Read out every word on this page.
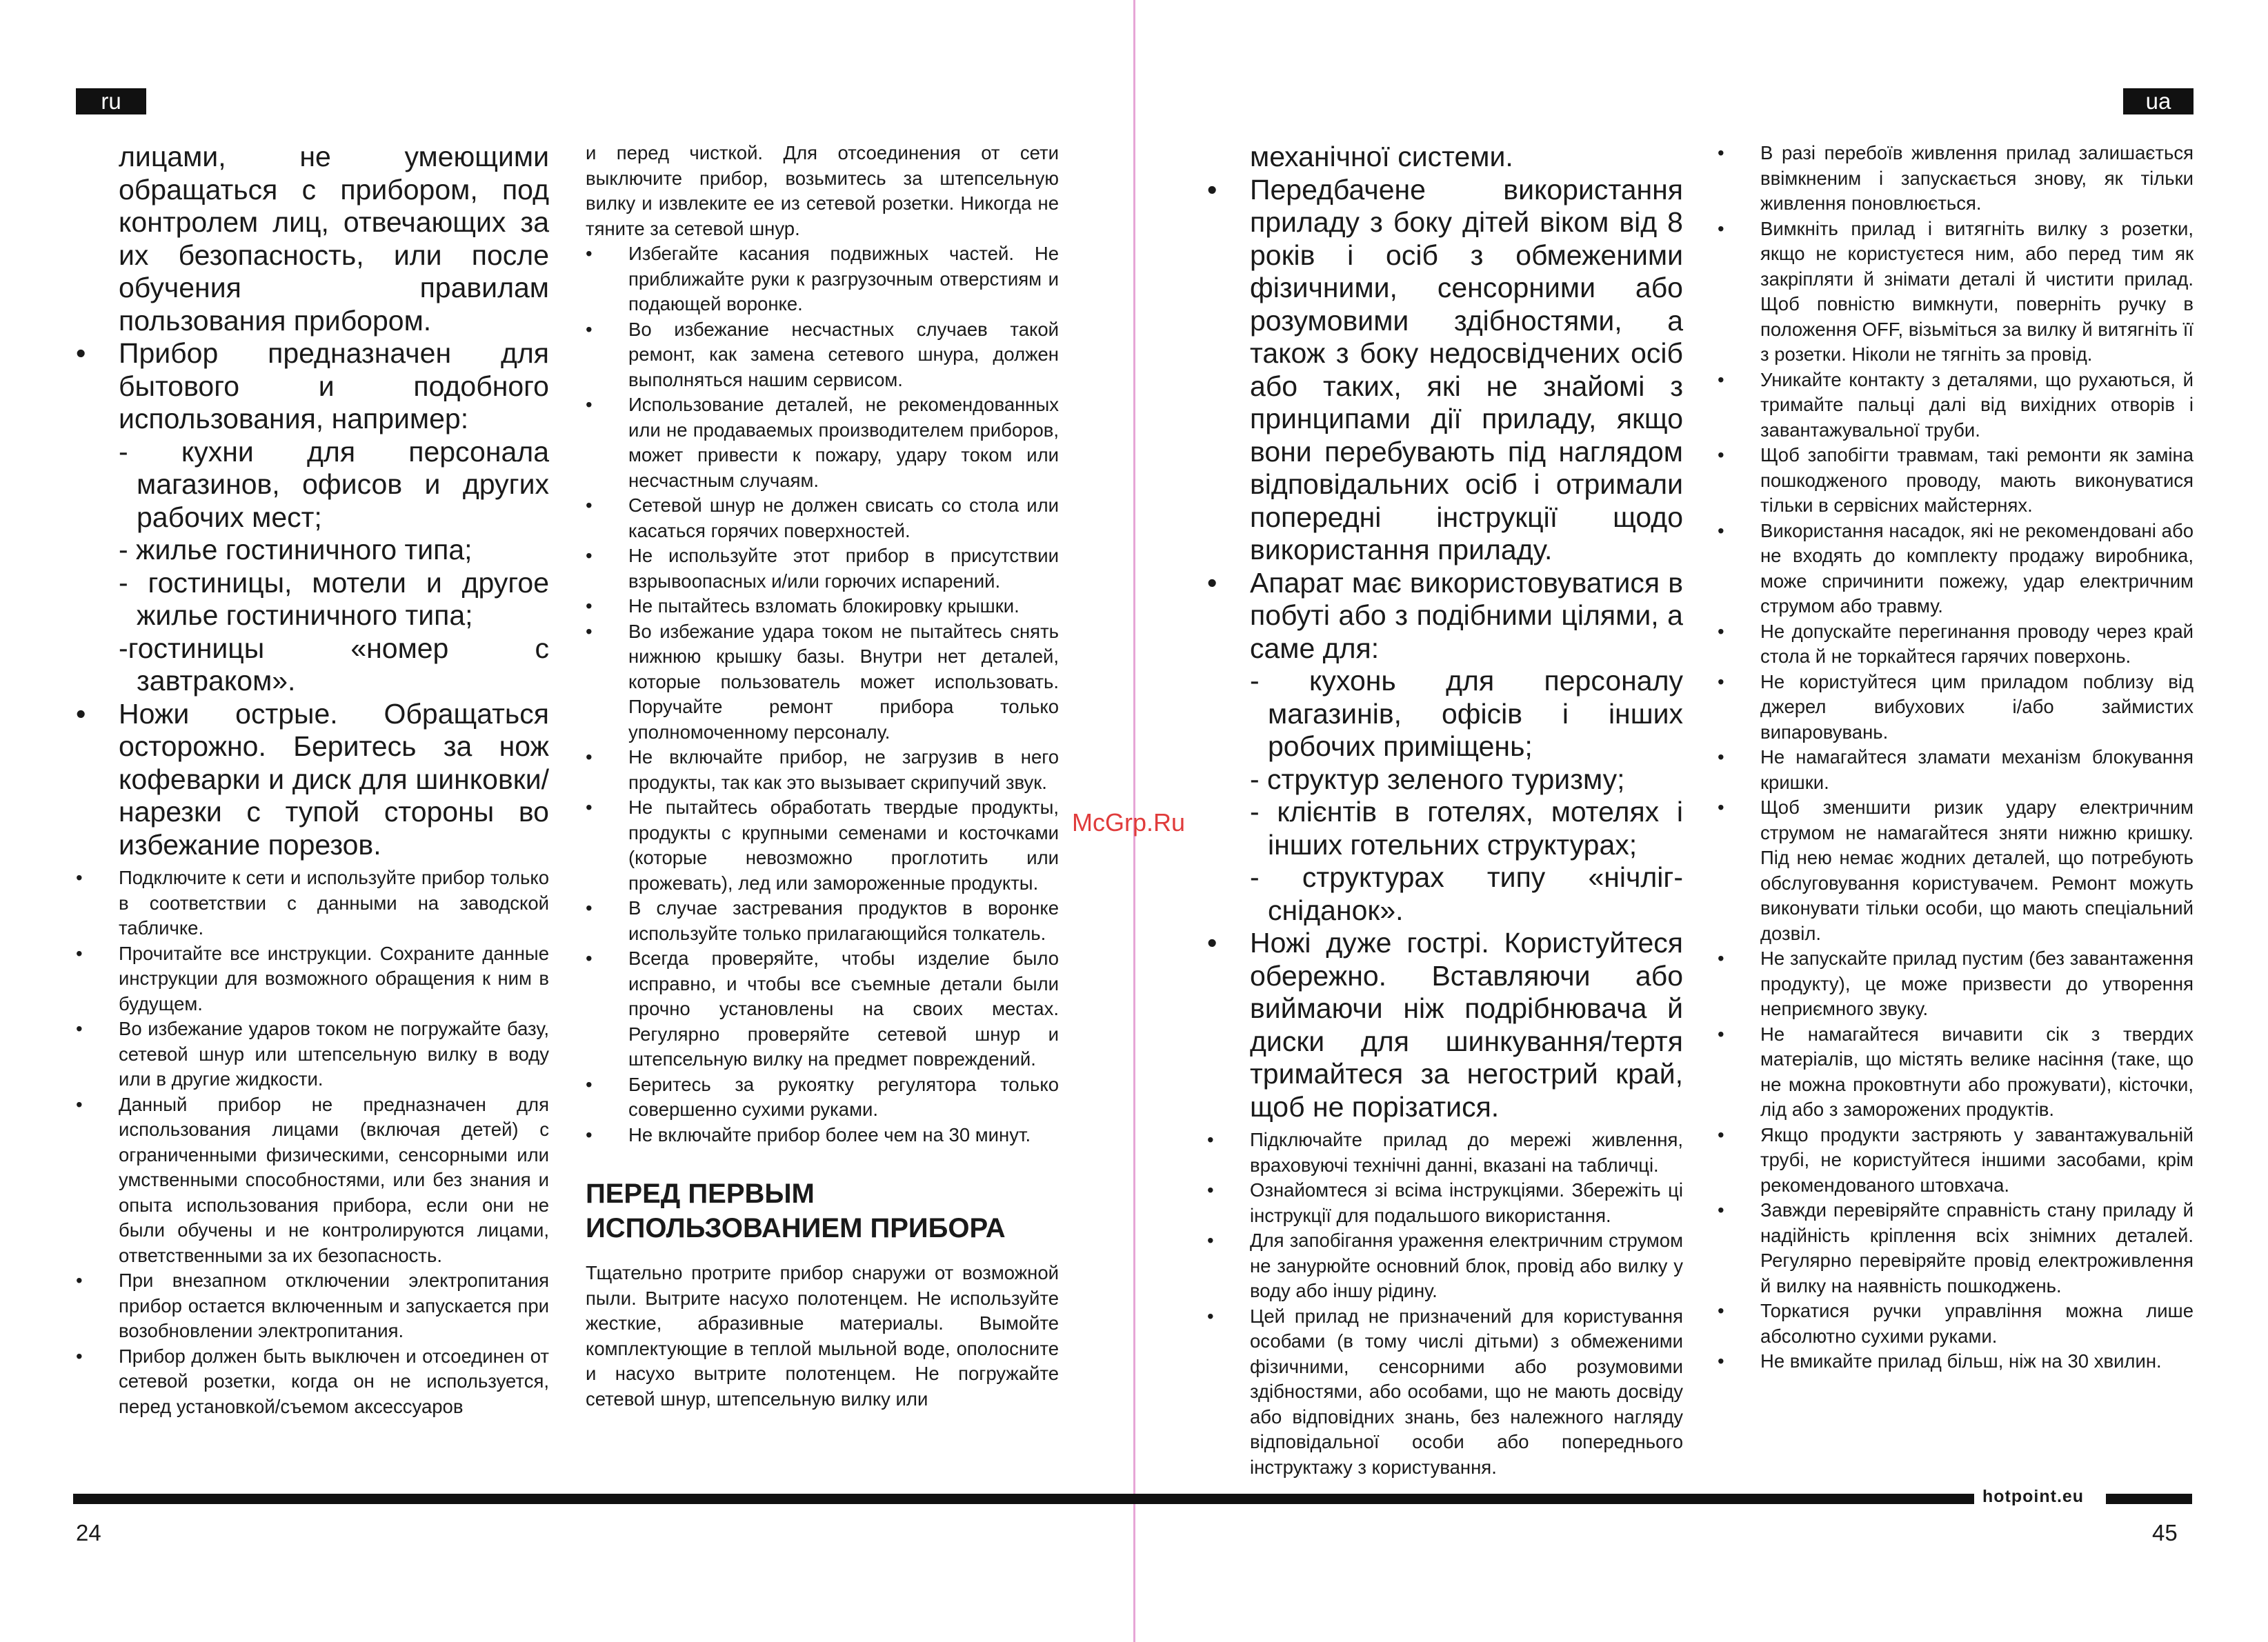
ru
лицами, не умеющими обращаться с прибором, под контролем лиц, отвечающих за их безопасность, или после обучения правилам пользования прибором.
• Прибор предназначен для бытового и подобного использования, например:
- кухни для персонала магазинов, офисов и других рабочих мест;
- жилье гостиничного типа;
- гостиницы, мотели и другое жилье гостиничного типа;
-гостиницы «номер с завтраком».
• Ножи острые. Обращаться осторожно. Беритесь за нож кофеварки и диск для шинковки/нарезки с тупой стороны во избежание порезов.
• Подключите к сети и используйте прибор только в соответствии с данными на заводской табличке.
• Прочитайте все инструкции. Сохраните данные инструкции для возможного обращения к ним в будущем.
• Во избежание ударов током не погружайте базу, сетевой шнур или штепсельную вилку в воду или в другие жидкости.
• Данный прибор не предназначен для использования лицами (включая детей) с ограниченными физическими, сенсорными или умственными способностями, или без знания и опыта использования прибора, если они не были обучены и не контролируются лицами, ответственными за их безопасность.
• При внезапном отключении электропитания прибор остается включенным и запускается при возобновлении электропитания.
• Прибор должен быть выключен и отсоединен от сетевой розетки, когда он не используется, перед установкой/съемом аксессуаров
и перед чисткой. Для отсоединения от сети выключите прибор, возьмитесь за штепсельную вилку и извлеките ее из сетевой розетки. Никогда не тяните за сетевой шнур.
• Избегайте касания подвижных частей. Не приближайте руки к разгрузочным отверстиям и подающей воронке.
• Во избежание несчастных случаев такой ремонт, как замена сетевого шнура, должен выполняться нашим сервисом.
• Использование деталей, не рекомендованных или не продаваемых производителем приборов, может привести к пожару, удару током или несчастным случаям.
• Сетевой шнур не должен свисать со стола или касаться горячих поверхностей.
• Не используйте этот прибор в присутствии взрывоопасных и/или горючих испарений.
• Не пытайтесь взломать блокировку крышки.
• Во избежание удара током не пытайтесь снять нижнюю крышку базы. Внутри нет деталей, которые пользователь может использовать. Поручайте ремонт прибора только уполномоченному персоналу.
• Не включайте прибор, не загрузив в него продукты, так как это вызывает скрипучий звук.
• Не пытайтесь обработать твердые продукты, продукты с крупными семенами и косточками (которые невозможно проглотить или прожевать), лед или замороженные продукты.
• В случае застревания продуктов в воронке используйте только прилагающийся толкатель.
• Всегда проверяйте, чтобы изделие было исправно, и чтобы все съемные детали были прочно установлены на своих местах. Регулярно проверяйте сетевой шнур и штепсельную вилку на предмет повреждений.
• Беритесь за рукоятку регулятора только совершенно сухими руками.
• Не включайте прибор более чем на 30 минут.
ПЕРЕД ПЕРВЫМ
ИСПОЛЬЗОВАНИЕМ ПРИБОРА
Тщательно протрите прибор снаружи от возможной пыли. Вытрите насухо полотенцем. Не используйте жесткие, абразивные материалы. Вымойте комплектующие в теплой мыльной воде, ополосните и насухо вытрите полотенцем. Не погружайте сетевой шнур, штепсельную вилку или
24
McGrp.Ru
ua
механічної системи.
• Передбачене використання приладу з боку дітей віком від 8 років і осіб з обмеженими фізичними, сенсорними або розумовими здібностями, а також з боку недосвідчених осіб або таких, які не знайомі з принципами дії приладу, якщо вони перебувають під наглядом відповідальних осіб і отримали попередні інструкції щодо використання приладу.
• Апарат має використовуватися в побуті або з подібними цілями, а саме для:
- кухонь для персоналу магазинів, офісів і інших робочих приміщень;
- структур зеленого туризму;
- клієнтів в готелях, мотелях і інших готельних структурах;
- структурах типу «нічліг-сніданок».
• Ножі дуже гострі. Користуйтеся обережно. Вставляючи або виймаючи ніж подрібнювача й диски для шинкування/тертя тримайтеся за негострий край, щоб не порізатися.
• Підключайте прилад до мережі живлення, враховуючі технічні данні, вказані на табличці.
• Ознайомтеся зі всіма інструкціями. Збережіть ці інструкції для подальшого використання.
• Для запобігання ураження електричним струмом не занурюйте основний блок, провід або вилку у воду або іншу рідину.
• Цей прилад не призначений для користування особами (в тому числі дітьми) з обмеженими фізичними, сенсорними або розумовими здібностями, або особами, що не мають досвіду або відповідних знань, без належного нагляду відповідальної особи або попереднього інструктажу з користування.
• В разі перебоїв живлення прилад залишається ввімкненим і запускається знову, як тільки живлення поновлюється.
• Вимкніть прилад і витягніть вилку з розетки, якщо не користуєтеся ним, або перед тим як закріпляти й знімати деталі й чистити прилад. Щоб повністю вимкнути, поверніть ручку в положення OFF, візьміться за вилку й витягніть її з розетки. Ніколи не тягніть за провід.
• Уникайте контакту з деталями, що рухаються, й тримайте пальці далі від вихідних отворів і завантажувальної труби.
• Щоб запобігти травмам, такі ремонти як заміна пошкодженого проводу, мають виконуватися тільки в сервісних майстернях.
• Використання насадок, які не рекомендовані або не входять до комплекту продажу виробника, може спричинити пожежу, удар електричним струмом або травму.
• Не допускайте перегинання проводу через край стола й не торкайтеся гарячих поверхонь.
• Не користуйтеся цим приладом поблизу від джерел вибухових і/або займистих випаровувань.
• Не намагайтеся зламати механізм блокування кришки.
• Щоб зменшити ризик удару електричним струмом не намагайтеся зняти нижню кришку. Під нею немає жодних деталей, що потребують обслуговування користувачем. Ремонт можуть виконувати тільки особи, що мають спеціальний дозвіл.
• Не запускайте прилад пустим (без завантаження продукту), це може призвести до утворення неприємного звуку.
• Не намагайтеся вичавити сік з твердих матеріалів, що містять велике насіння (таке, що не можна проковтнути або прожувати), кісточки, лід або з заморожених продуктів.
• Якщо продукти застряють у завантажувальній трубі, не користуйтеся іншими засобами, крім рекомендованого штовхача.
• Завжди перевіряйте справність стану приладу й надійність кріплення всіх знімних деталей. Регулярно перевіряйте провід електроживлення й вилку на наявність пошкоджень.
• Торкатися ручки управління можна лише абсолютно сухими руками.
• Не вмикайте прилад більш, ніж на 30 хвилин.
hotpoint.eu
45
